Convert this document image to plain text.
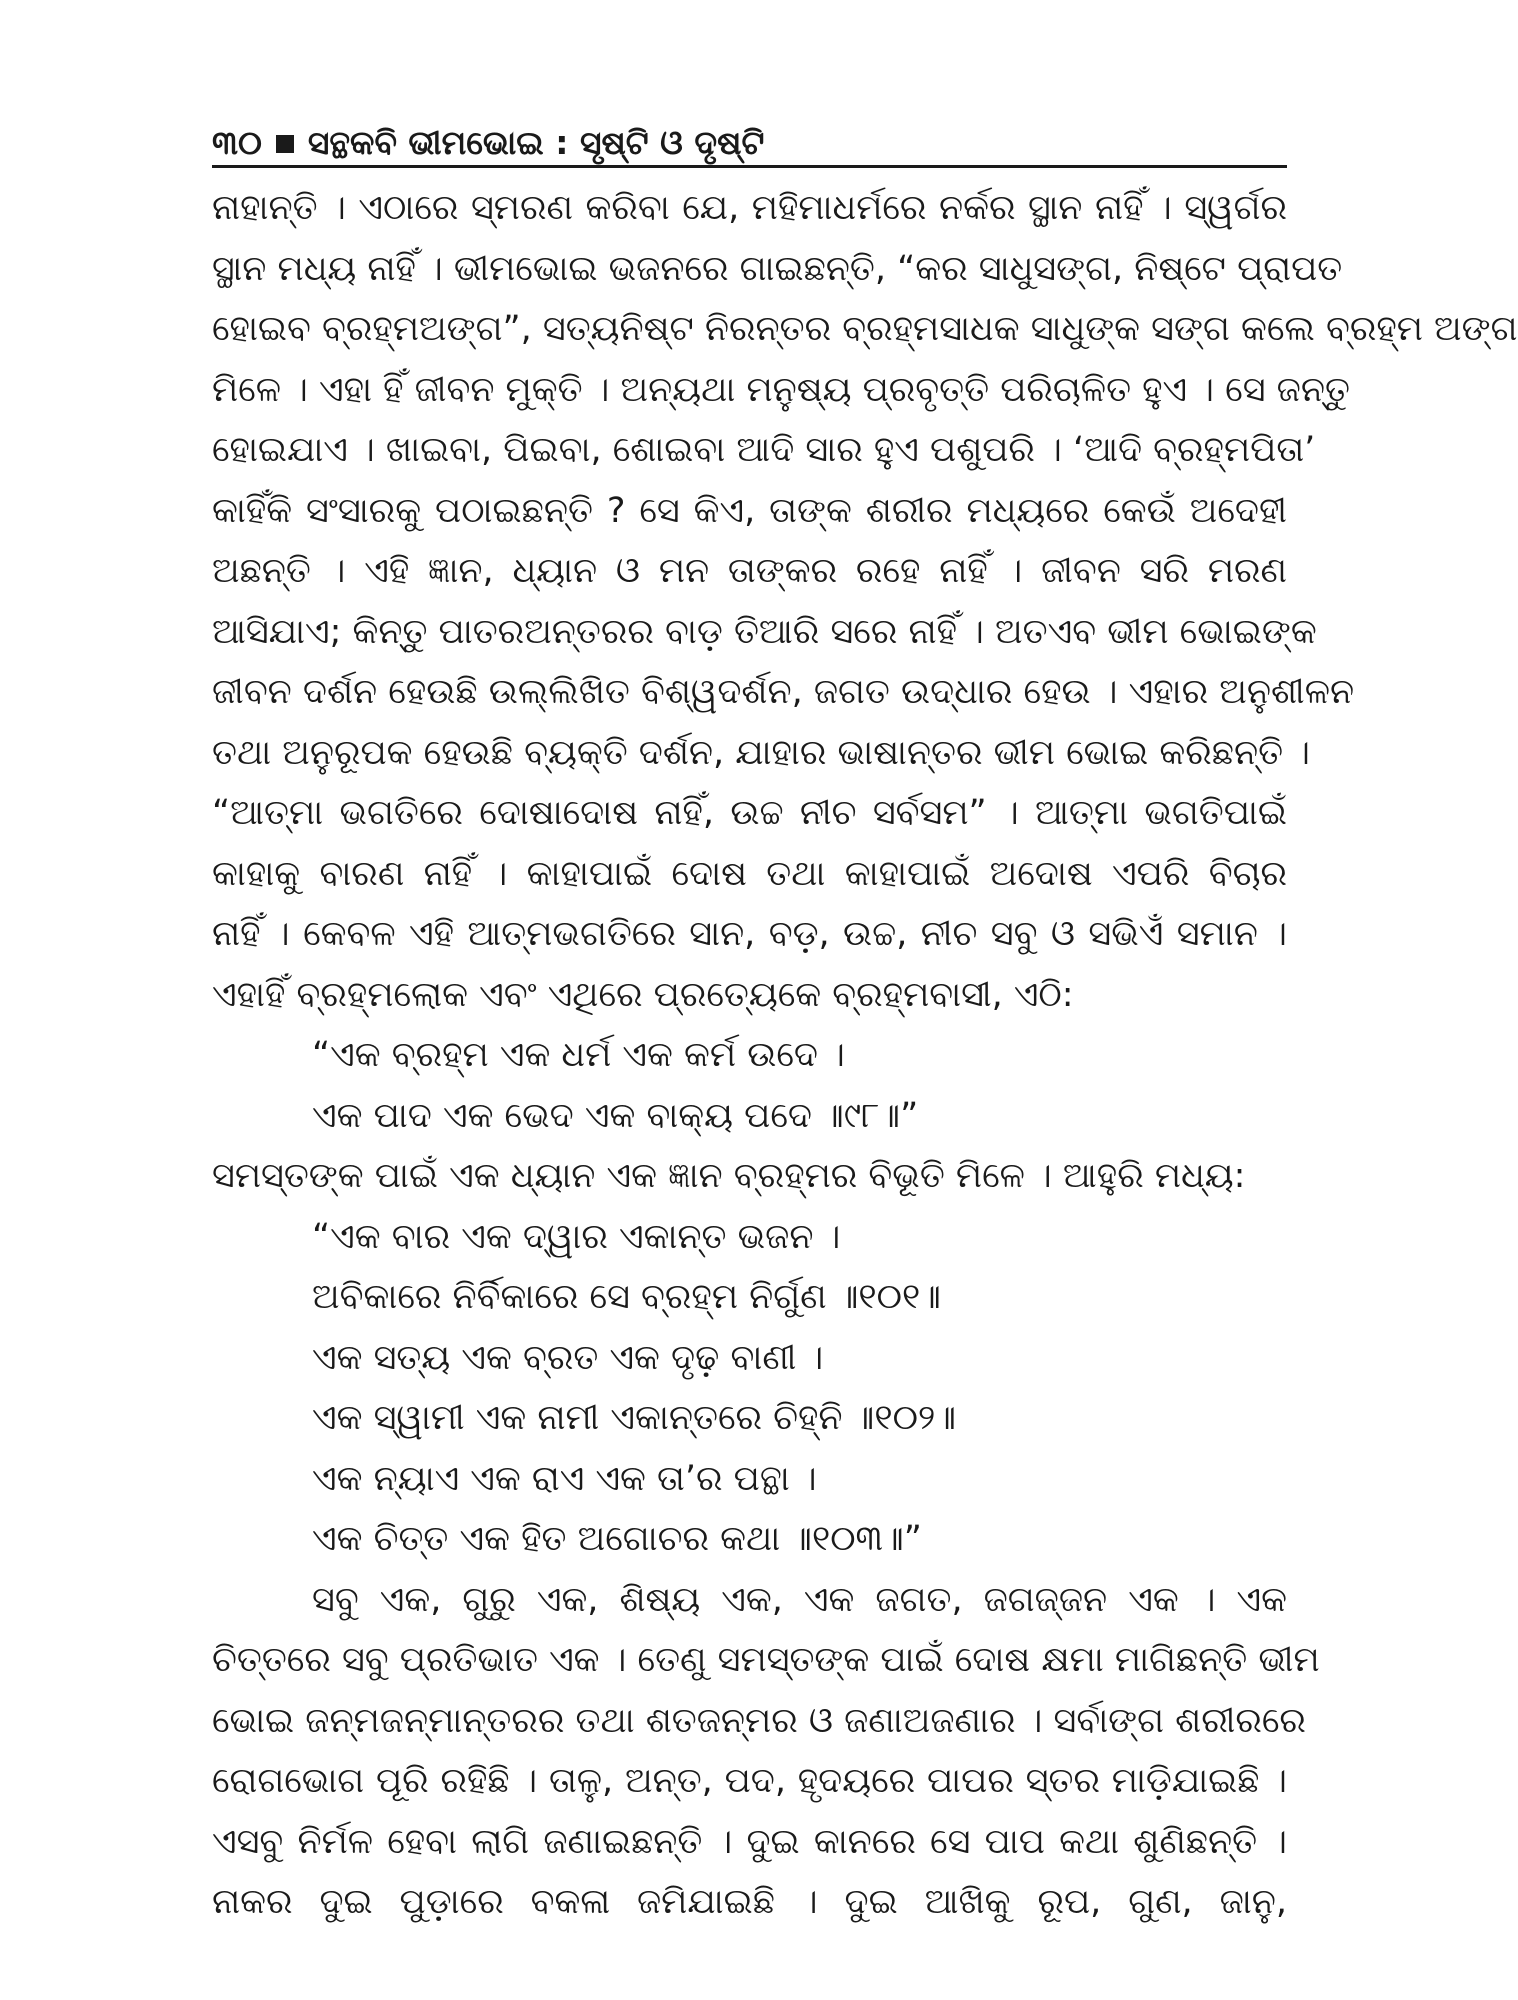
୩୦ ସନ୍ଥକବି ଭୀମଭୋଇ : ସୃଷ୍ଟି ଓ ଦୃଷ୍ଟି
ନାହାନ୍ତି । ଏଠାରେ ସ୍ମରଣ କରିବା ଯେ, ମହିମାଧର୍ମରେ ନର୍କର ସ୍ଥାନ ନାହିଁ । ସ୍ୱର୍ଗର
ସ୍ଥାନ ମଧ୍ୟ ନାହିଁ । ଭୀମଭୋଇ ଭଜନରେ ଗାଇଛନ୍ତି, “କର ସାଧୁସଙ୍ଗ, ନିଷ୍ଟେ ପ୍ରାପତ
ହୋଇବ ବ୍ରହ୍ମଅଙ୍ଗ”, ସତ୍ୟନିଷ୍ଟ ନିରନ୍ତର ବ୍ରହ୍ମସାଧକ ସାଧୁଙ୍କ ସଙ୍ଗ କଲେ ବ୍ରହ୍ମ ଅଙ୍ଗ
ମିଳେ । ଏହା ହିଁ ଜୀବନ ମୁକ୍ତି । ଅନ୍ୟଥା ମନୁଷ୍ୟ ପ୍ରବୃତ୍ତି ପରିଚାଳିତ ହୁଏ । ସେ ଜନ୍ତୁ
ହୋଇଯାଏ । ଖାଇବା, ପିଇବା, ଶୋଇବା ଆଦି ସାର ହୁଏ ପଶୁପରି । ‘ଆଦି ବ୍ରହ୍ମପିତା’
କାହିଁକି ସଂସାରକୁ ପଠାଇଛନ୍ତି ? ସେ କିଏ, ତାଙ୍କ ଶରୀର ମଧ୍ୟରେ କେଉଁ ଅଦେହୀ
ଅଛନ୍ତି । ଏହି ଜ୍ଞାନ, ଧ୍ୟାନ ଓ ମନ ତାଙ୍କର ରହେ ନାହିଁ । ଜୀବନ ସରି ମରଣ
ଆସିଯାଏ; କିନ୍ତୁ ପାତରଅନ୍ତରର ବାଡ଼ ତିଆରି ସରେ ନାହିଁ । ଅତଏବ ଭୀମ ଭୋଇଙ୍କ
ଜୀବନ ଦର୍ଶନ ହେଉଛି ଉଲ୍ଲିଖିତ ବିଶ୍ୱଦର୍ଶନ, ଜଗତ ଉଦ୍ଧାର ହେଉ । ଏହାର ଅନୁଶୀଳନ
ତଥା ଅନୁରୂପକ ହେଉଛି ବ୍ୟକ୍ତି ଦର୍ଶନ, ଯାହାର ଭାଷାନ୍ତର ଭୀମ ଭୋଇ କରିଛନ୍ତି ।
“ଆତ୍ମା ଭଗତିରେ ଦୋଷାଦୋଷ ନାହିଁ, ଉଚ୍ଚ ନୀଚ ସର୍ବସମ” । ଆତ୍ମା ଭଗତିପାଇଁ
କାହାକୁ ବାରଣ ନାହିଁ । କାହାପାଇଁ ଦୋଷ ତଥା କାହାପାଇଁ ଅଦୋଷ ଏପରି ବିଚାର
ନାହିଁ । କେବଳ ଏହି ଆତ୍ମଭଗତିରେ ସାନ, ବଡ଼, ଉଚ୍ଚ, ନୀଚ ସବୁ ଓ ସଭିଏଁ ସମାନ ।
ଏହାହିଁ ବ୍ରହ୍ମଲୋକ ଏବଂ ଏଥିରେ ପ୍ରତ୍ୟେକେ ବ୍ରହ୍ମବାସୀ, ଏଠି:
“ଏକ ବ୍ରହ୍ମ ଏକ ଧର୍ମ ଏକ କର୍ମ ଉଦେ ।
ଏକ ପାଦ ଏକ ଭେଦ ଏକ ବାକ୍ୟ ପଦେ ॥୯୮॥”
ସମସ୍ତଙ୍କ ପାଇଁ ଏକ ଧ୍ୟାନ ଏକ ଜ୍ଞାନ ବ୍ରହ୍ମର ବିଭୂତି ମିଳେ । ଆହୁରି ମଧ୍ୟ:
“ଏକ ବାର ଏକ ଦ୍ୱାର ଏକାନ୍ତ ଭଜନ ।
ଅବିକାରେ ନିର୍ବିକାରେ ସେ ବ୍ରହ୍ମ ନିର୍ଗୁଣ ॥୧୦୧॥
ଏକ ସତ୍ୟ ଏକ ବ୍ରତ ଏକ ଦୃଢ଼ ବାଣୀ ।
ଏକ ସ୍ୱାମୀ ଏକ ନାମୀ ଏକାନ୍ତରେ ଚିହ୍ନି ॥୧୦୨॥
ଏକ ନ୍ୟାଏ ଏକ ରାଏ ଏକ ତା’ର ପନ୍ଥା ।
ଏକ ଚିତ୍ତ ଏକ ହିତ ଅଗୋଚର କଥା ॥୧୦୩॥”
ସବୁ ଏକ, ଗୁରୁ ଏକ, ଶିଷ୍ୟ ଏକ, ଏକ ଜଗତ, ଜଗଜ୍ଜନ ଏକ । ଏକ
ଚିତ୍ତରେ ସବୁ ପ୍ରତିଭାତ ଏକ । ତେଣୁ ସମସ୍ତଙ୍କ ପାଇଁ ଦୋଷ କ୍ଷମା ମାଗିଛନ୍ତି ଭୀମ
ଭୋଇ ଜନ୍ମଜନ୍ମାନ୍ତରର ତଥା ଶତଜନ୍ମର ଓ ଜଣାଅଜଣାର । ସର୍ବାଙ୍ଗ ଶରୀରରେ
ରୋଗଭୋଗ ପୂରି ରହିଛି । ତାଳୁ, ଅନ୍ତ, ପଦ, ହୃଦୟରେ ପାପର ସ୍ତର ମାଡ଼ିଯାଇଛି ।
ଏସବୁ ନିର୍ମଳ ହେବା ଲାଗି ଜଣାଇଛନ୍ତି । ଦୁଇ କାନରେ ସେ ପାପ କଥା ଶୁଣିଛନ୍ତି ।
ନାକର ଦୁଇ ପୁଡ଼ାରେ ବକଳା ଜମିଯାଇଛି । ଦୁଇ ଆଖିକୁ ରୂପ, ଗୁଣ, ଜାନୁ,
